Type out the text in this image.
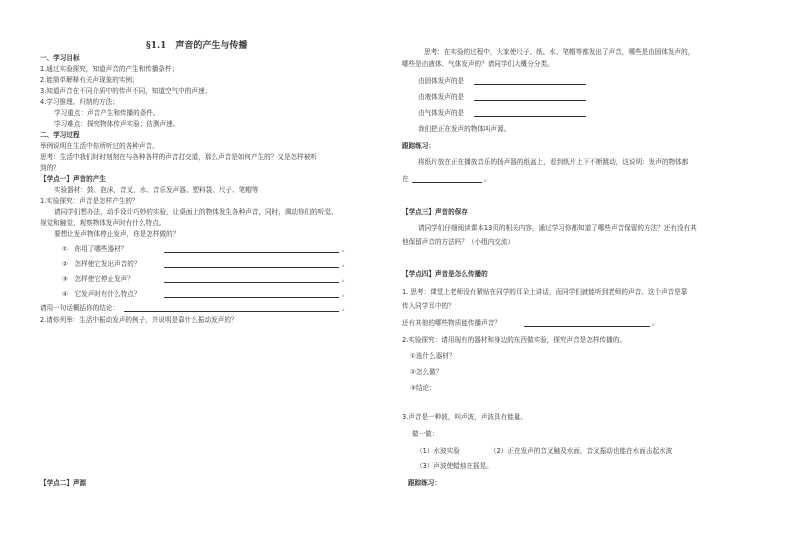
§1.1　声音的产生与传播
一、学习目标
1.通过实验探究，知道声音的产生和传播条件；
2.能简单解释有关声现象的实例；
3.知道声音在不同介质中的传声不同，知道空气中的声速；
4.学习推理、归纳的方法；
学习重点：声音产生和传播的条件。
学习难点：探究物体传声实验；估测声速。
二、学习过程
举例说明在生活中你所听过的各种声音。
思考：生活中我们时时刻刻在与各种各样的声音打交道，那么声音是如何产生的？又是怎样被听
到的？
【学点一】声音的产生
实验器材：鼓、泡沫，音叉，水、音乐发声器、塑料袋、尺子、笔帽等
1.实验探究：声音是怎样产生的？
请同学们想办法，动手设计巧妙的实验，让桌面上的物体发生各种声音，同时，调动你们的听觉、
视觉和触觉，观察物体发声时有什么特点。
要想让发声物体停止发声，你是怎样做的？
①　你用了哪些器材？	。
②　怎样使它发出声音的？	。
③　怎样使它停止发声？	。
④　它发声时有什么特点？	。
请用一句话概括你的结论：	。
2.请你列举：生活中振动发声的例子，并说明是靠什么振动发声的？
【学点二】声源
思考：在实验的过程中，大家使尺子、纸、水、笔帽等都发出了声音，哪些是由固体发声的，
哪些是由液体、气体发声的？请同学们大概分分类。
由固体发声的是
由液体发声的是
由气体发声的是
我们把正在发声的物体叫声源。
跟踪练习：
将纸片放在正在播放音乐的扬声器的纸盆上，看到纸片上下不断跳动，这说明：发声的物体都
在	。
【学点三】声音的保存
请同学们仔细阅读课本13页的相关内容，通过学习你都知道了哪些声音保留的方法？还有没有其
他保留声音的方法吗？（小组内交流）
【学点四】声音是怎么传播的
1. 思考：课堂上老师没有紧贴在同学的耳朵上讲话，而同学们就能听到老师的声音。这个声音是靠
传入同学耳中的？
还有其他的哪些物质能传播声音？	。
2.实验探究：请用现有的器材和身边的东西做实验，探究声音是怎样传播的。
①选什么器材？
②怎么做？
③结论：
3.声音是一种波，叫声波，声波具有能量。
做一做：
（1）水波实验	（2）正在发声的音叉触及水面，音叉振动也能在水面击起水波
（3）声波使蜡烛在摇晃。
跟踪练习：
